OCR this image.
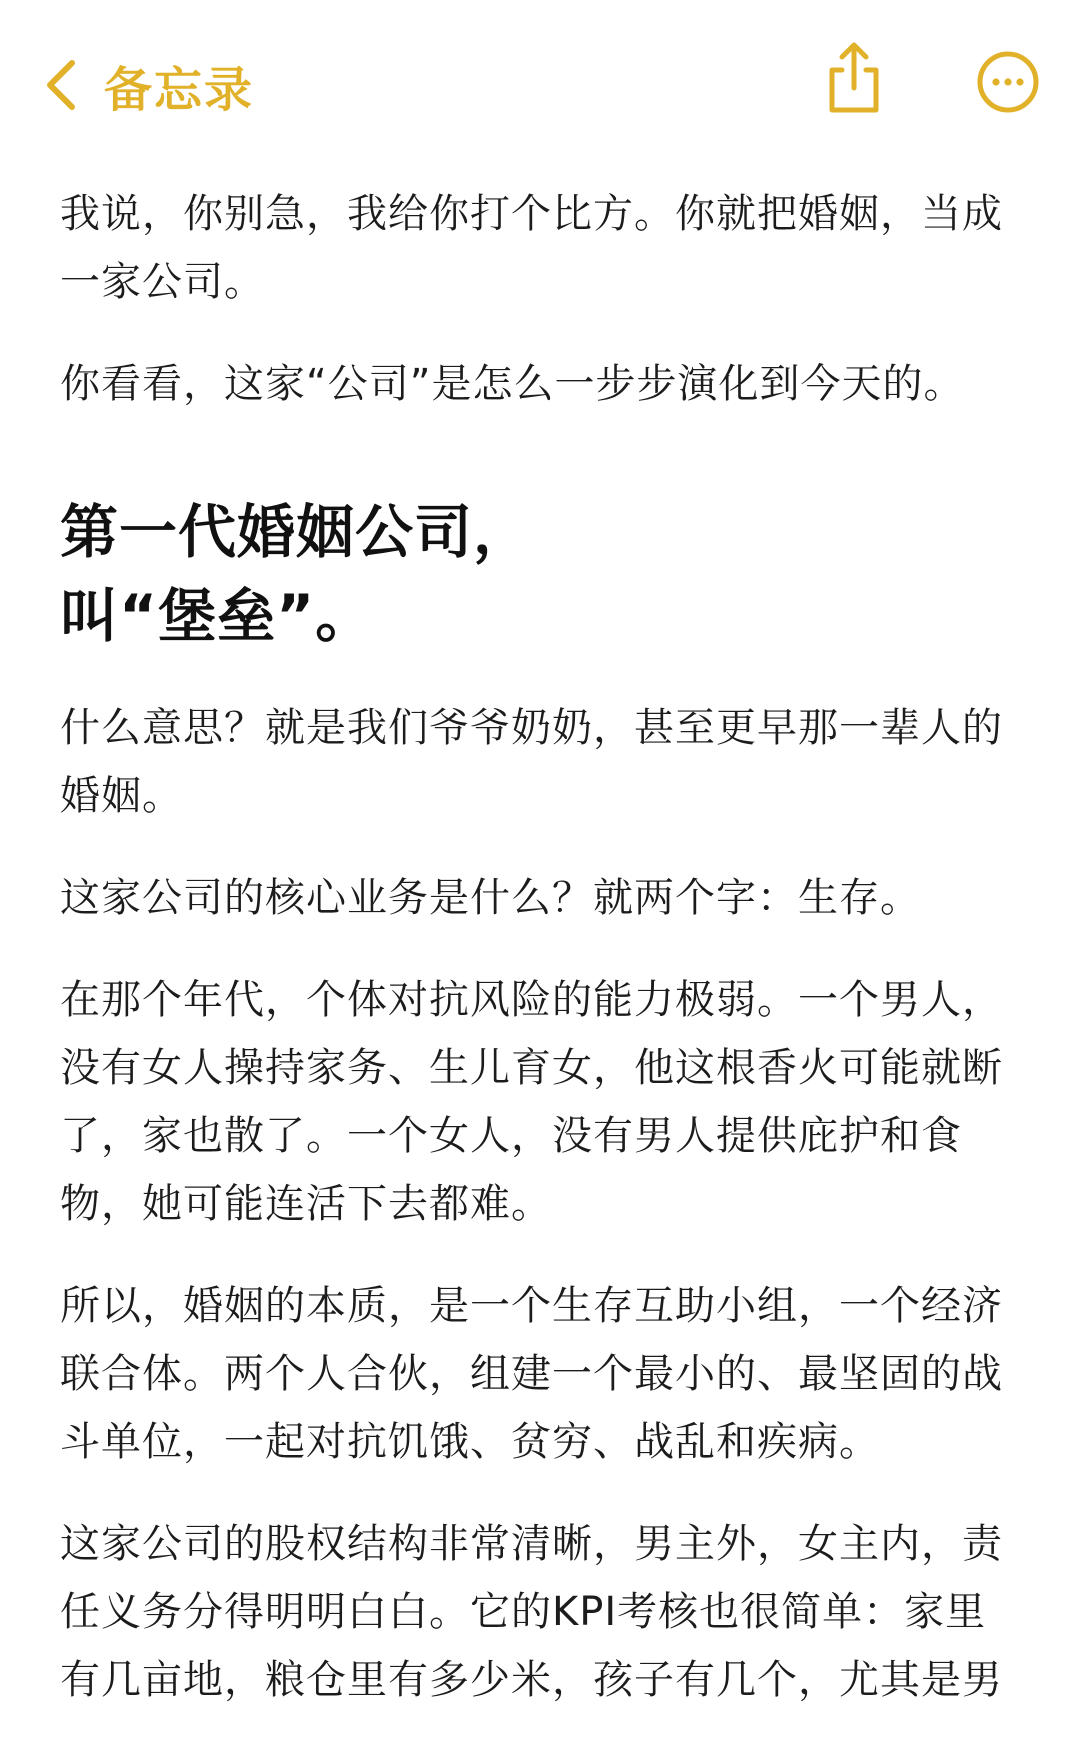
备忘录

我说，你别急，我给你打个比方。你就把婚姻，当成一家公司。

你看看，这家“公司”是怎么一步步演化到今天的。

第一代婚姻公司，
叫“堡垒”。

什么意思？就是我们爷爷奶奶，甚至更早那一辈人的婚姻。

这家公司的核心业务是什么？就两个字：生存。

在那个年代，个体对抗风险的能力极弱。一个男人，没有女人操持家务、生儿育女，他这根香火可能就断了，家也散了。一个女人，没有男人提供庇护和食物，她可能连活下去都难。

所以，婚姻的本质，是一个生存互助小组，一个经济联合体。两个人合伙，组建一个最小的、最坚固的战斗单位，一起对抗饥饿、贫穷、战乱和疾病。

这家公司的股权结构非常清晰，男主外，女主内，责任义务分得明明白白。它的KPI考核也很简单：家里有几亩地，粮仓里有多少米，孩子有几个，尤其是男
